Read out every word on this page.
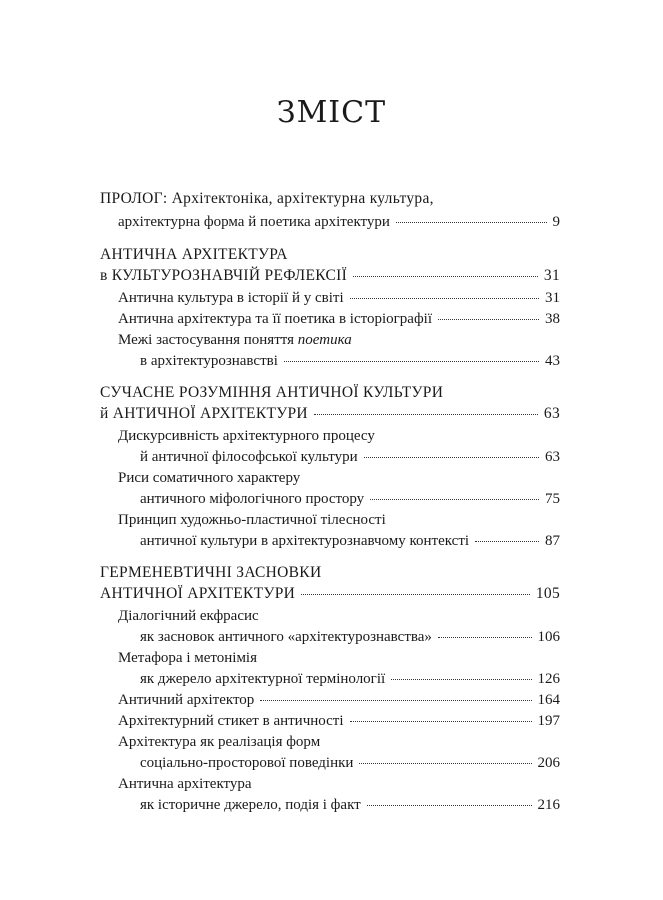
ЗМІСТ
ПРОЛОГ: Архітектоніка, архітектурна культура,
архітектурна форма й поетика архітектури	9
АНТИЧНА АРХІТЕКТУРА
в КУЛЬТУРОЗНАВЧІЙ РЕФЛЕКСІЇ	31
Антична культура в історії й у світі	31
Антична архітектура та її поетика в історіографії	38
Межі застосування поняття поетика
в архітектурознавстві	43
СУЧАСНЕ РОЗУМІННЯ АНТИЧНОЇ КУЛЬТУРИ
й АНТИЧНОЇ АРХІТЕКТУРИ	63
Дискурсивність архітектурного процесу
й античної філософської культури	63
Риси соматичного характеру
античного міфологічного простору	75
Принцип художньо-пластичної тілесності
античної культури в архітектурознавчому контексті	87
ГЕРМЕНЕВТИЧНІ ЗАСНОВКИ
АНТИЧНОЇ АРХІТЕКТУРИ	105
Діалогічний екфрасис
як засновок античного «архітектурознавства»	106
Метафора і метонімія
як джерело архітектурної термінології	126
Античний архітектор	164
Архітектурний стикет в античності	197
Архітектура як реалізація форм
соціально-просторової поведінки	206
Антична архітектура
як історичне джерело, подія і факт	216
